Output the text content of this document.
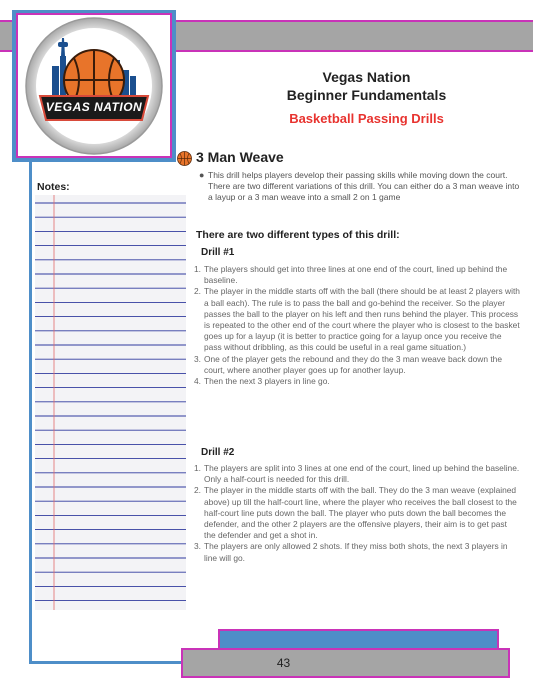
VEGAS NATION
Vegas Nation
Beginner Fundamentals
Basketball Passing Drills
3 Man Weave
● This drill helps players develop their passing skills while moving down the court. There are two different variations of this drill. You can either do a 3 man weave into a layup or a 3 man weave into a small 2 on 1 game
There are two different types of this drill:
Drill #1
1. The players should get into three lines at one end of the court, lined up behind the baseline.
2. The player in the middle starts off with the ball (there should be at least 2 players with a ball each). The rule is to pass the ball and go-behind the receiver. So the player passes the ball to the player on his left and then runs behind the player. This process is repeated to the other end of the court where the player who is closest to the basket goes up for a layup (it is better to practice going for a layup once you receive the pass without dribbling, as this could be useful in a real game situation.)
3. One of the player gets the rebound and they do the 3 man weave back down the court, where another player goes up for another layup.
4. Then the next 3 players in line go.
Drill #2
1. The players are split into 3 lines at one end of the court, lined up behind the baseline. Only a half-court is needed for this drill.
2. The player in the middle starts off with the ball. They do the 3 man weave (explained above) up till the half-court line, where the player who receives the ball closest to the half-court line puts down the ball. The player who puts down the ball becomes the defender, and the other 2 players are the offensive players, their aim is to get past the defender and get a shot in.
3. The players are only allowed 2 shots. If they miss both shots, the next 3 players in line will go.
Notes:
43
